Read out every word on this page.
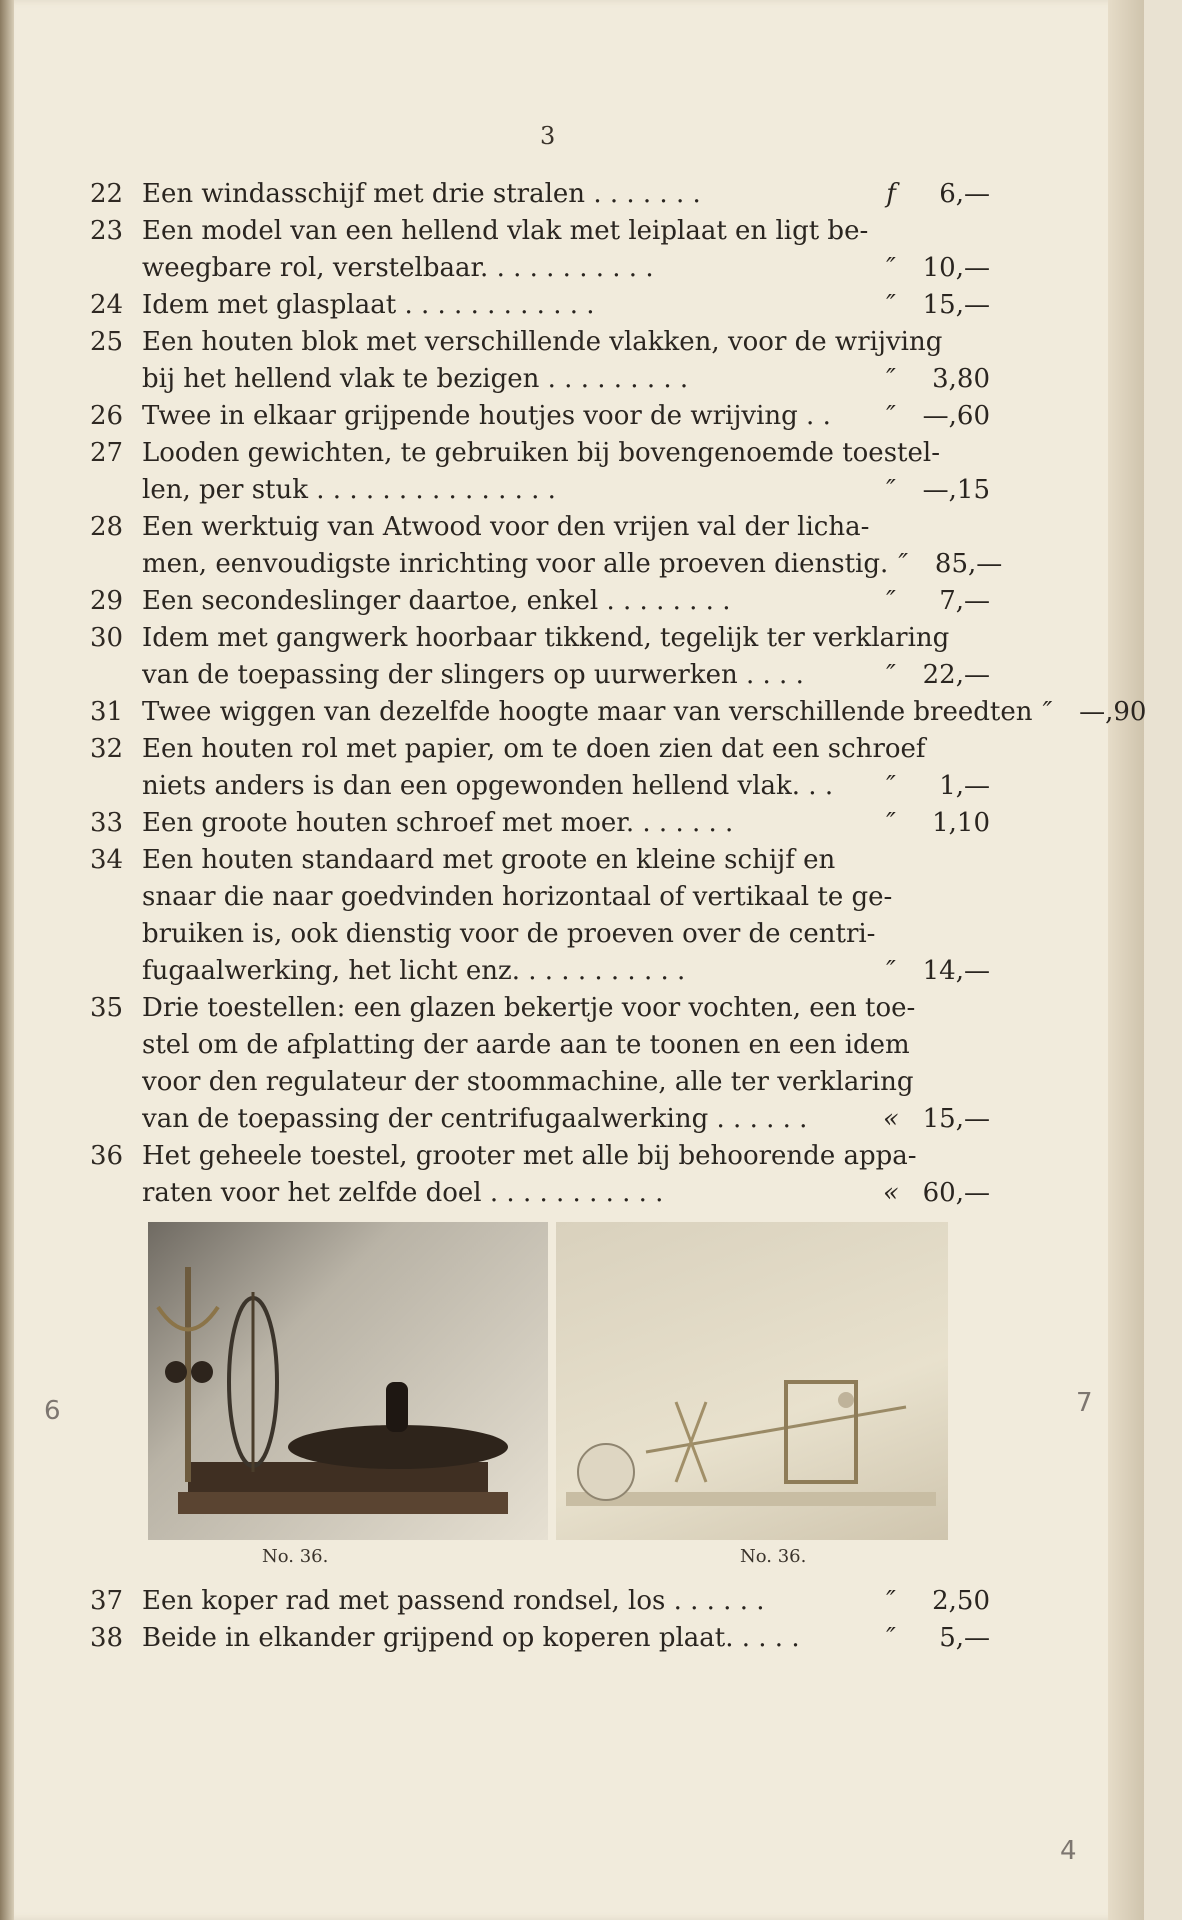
3
22 Een windasschijf met drie stralen . . . . . . .	f	6,—
23 Een model van een hellend vlak met leiplaat en ligt be-
weegbare rol, verstelbaar. . . . . . . . . . .	″	10,—
24 Idem met glasplaat . . . . . . . . . . . .	″	15,—
25 Een houten blok met verschillende vlakken, voor de wrijving
bij het hellend vlak te bezigen . . . . . . . . .	″	3,80
26 Twee in elkaar grijpende houtjes voor de wrijving . .	″	—,60
27 Looden gewichten, te gebruiken bij bovengenoemde toestel-
len, per stuk . . . . . . . . . . . . . . .	″	—,15
28 Een werktuig van Atwood voor den vrijen val der licha-
men, eenvoudigste inrichting voor alle proeven dienstig. ″	85,—
29 Een secondeslinger daartoe, enkel . . . . . . . .	″	7,—
30 Idem met gangwerk hoorbaar tikkend, tegelijk ter verklaring
van de toepassing der slingers op uurwerken . . . .	″	22,—
31 Twee wiggen van dezelfde hoogte maar van verschillende breedten ″	—,90
32 Een houten rol met papier, om te doen zien dat een schroef
niets anders is dan een opgewonden hellend vlak. . .	″	1,—
33 Een groote houten schroef met moer. . . . . . .	″	1,10
34 Een houten standaard met groote en kleine schijf en
snaar die naar goedvinden horizontaal of vertikaal te ge-
bruiken is, ook dienstig voor de proeven over de centri-
fugaalwerking, het licht enz. . . . . . . . . . .	″	14,—
35 Drie toestellen: een glazen bekertje voor vochten, een toe-
stel om de afplatting der aarde aan te toonen en een idem
voor den regulateur der stoommachine, alle ter verklaring
van de toepassing der centrifugaalwerking . . . . . .	« 15,—
36 Het geheele toestel, grooter met alle bij behoorende appa-
raten voor het zelfde doel . . . . . . . . . . .	« 60,—
No. 36.	No. 36.
37 Een koper rad met passend rondsel, los . . . . . .	″	2,50
38 Beide in elkander grijpend op koperen plaat. . . . .	″	5,—
6	7
4
